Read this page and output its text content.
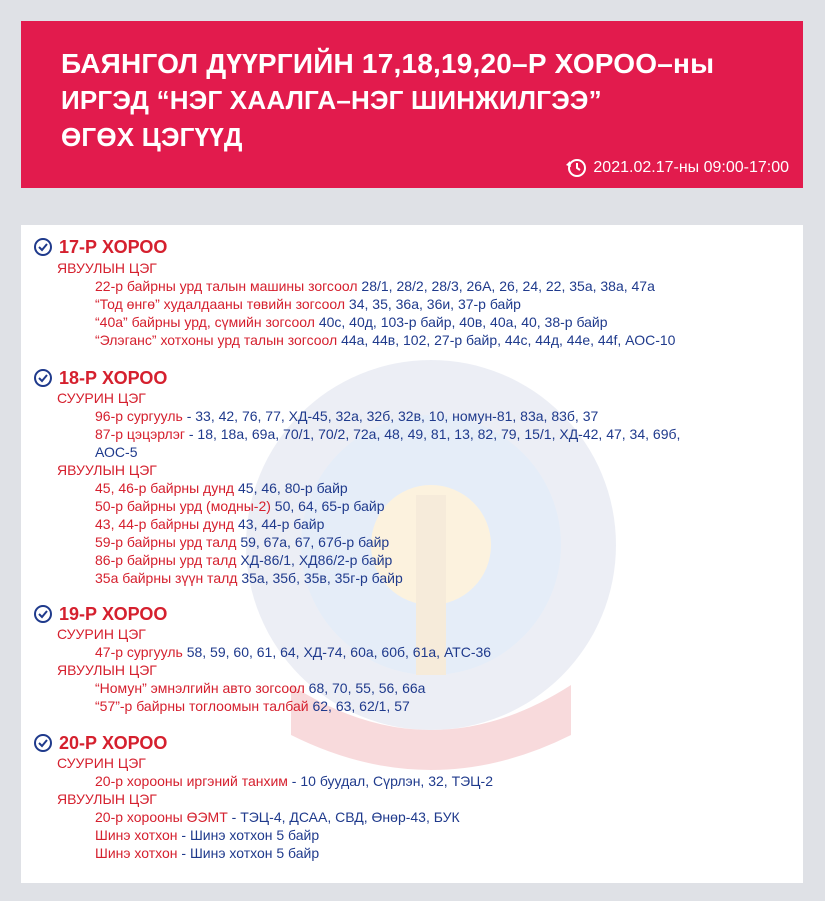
БАЯНГОЛ ДҮҮРГИЙН 17,18,19,20–Р ХОРОО–ны
ИРГЭД “НЭГ ХААЛГА–НЭГ ШИНЖИЛГЭЭ”
ӨГӨХ ЦЭГҮҮД
2021.02.17-ны 09:00-17:00
17-Р ХОРОО
ЯВУУЛЫН ЦЭГ
22-р байрны урд талын машины зогсоол 28/1, 28/2, 28/3, 26А, 26, 24, 22, 35а, 38а, 47а
“Тод өнгө” худалдааны төвийн зогсоол 34, 35, 36а, 36и, 37-р байр
“40а” байрны урд, сүмийн зогсоол 40с, 40д, 103-р байр, 40в, 40а, 40, 38-р байр
“Элэганс” хотхоны урд талын зогсоол 44а, 44в, 102, 27-р байр, 44с, 44д, 44е, 44f, АОС-10
18-Р ХОРОО
СУУРИН ЦЭГ
96-р сургууль - 33, 42, 76, 77, ХД-45, 32а, 32б, 32в, 10, номун-81, 83а, 83б, 37
87-р цэцэрлэг - 18, 18а, 69а, 70/1, 70/2, 72а, 48, 49, 81, 13, 82, 79, 15/1, ХД-42, 47, 34, 69б,
АОС-5
ЯВУУЛЫН ЦЭГ
45, 46-р байрны дунд 45, 46, 80-р байр
50-р байрны урд (модны-2) 50, 64, 65-р байр
43, 44-р байрны дунд 43, 44-р байр
59-р байрны урд талд 59, 67а, 67, 67б-р байр
86-р байрны урд талд ХД-86/1, ХД86/2-р байр
35а байрны зүүн талд 35а, 35б, 35в, 35г-р байр
19-Р ХОРОО
СУУРИН ЦЭГ
47-р сургууль 58, 59, 60, 61, 64, ХД-74, 60а, 60б, 61а, АТС-36
ЯВУУЛЫН ЦЭГ
“Номун” эмнэлгийн авто зогсоол 68, 70, 55, 56, 66а
“57”-р байрны тоглоомын талбай 62, 63, 62/1, 57
20-Р ХОРОО
СУУРИН ЦЭГ
20-р хорооны иргэний танхим - 10 буудал, Сүрлэн, 32, ТЭЦ-2
ЯВУУЛЫН ЦЭГ
20-р хорооны ӨЭМТ - ТЭЦ-4, ДСАА, СВД, Өнөр-43, БУК
Шинэ хотхон - Шинэ хотхон 5 байр
Шинэ хотхон - Шинэ хотхон 5 байр
